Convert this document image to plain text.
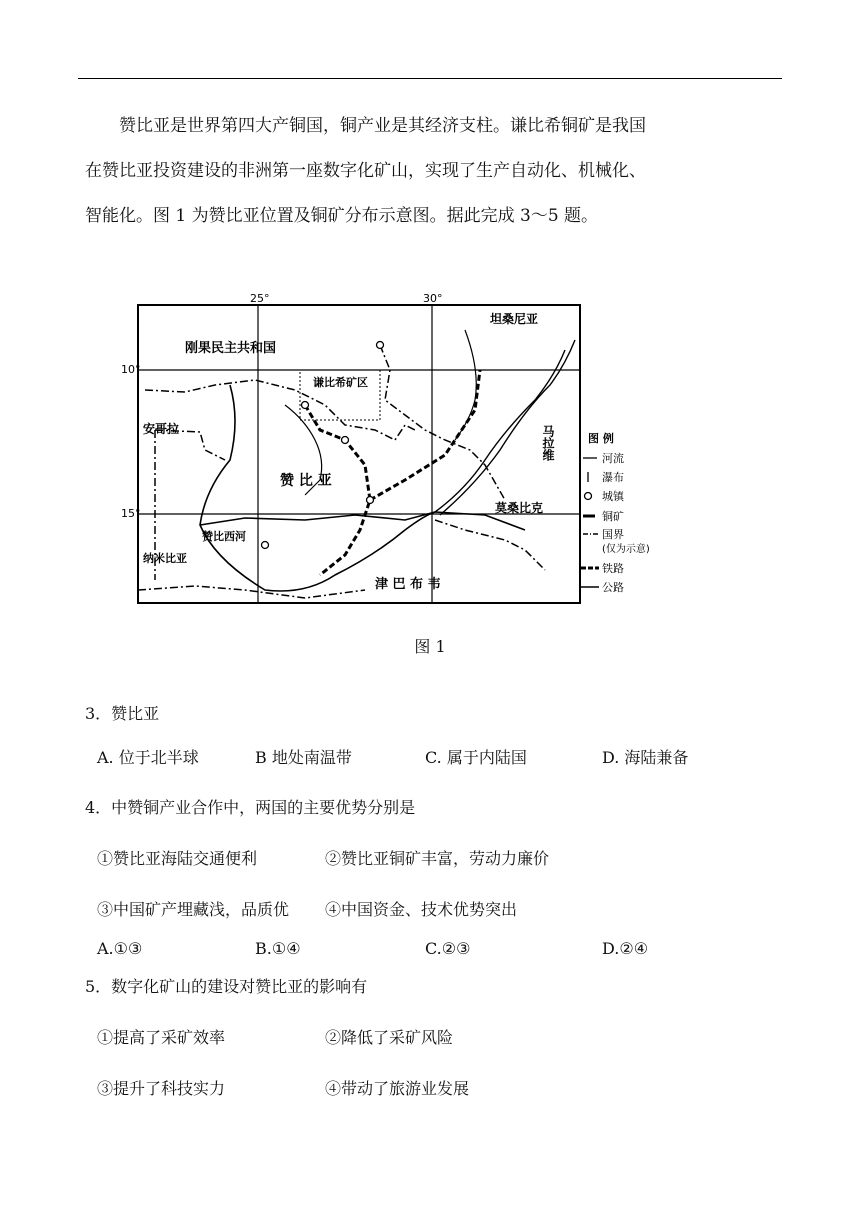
赞比亚是世界第四大产铜国，铜产业是其经济支柱。谦比希铜矿是我国
在赞比亚投资建设的非洲第一座数字化矿山，实现了生产自动化、机械化、
智能化。图 1 为赞比亚位置及铜矿分布示意图。据此完成 3～5 题。
25°	30°
10°
15°
刚果民主共和国
坦桑尼亚
安哥拉
赞 比 亚
马拉维
莫桑比克
津 巴 布 韦
纳米比亚
赞比西河
谦比希矿区
图 例
河流
瀑布
城镇
铜矿
国界
(仅为示意)
铁路
公路
图 1
3．赞比亚
A. 位于北半球	B 地处南温带	C. 属于内陆国	D. 海陆兼备
4．中赞铜产业合作中，两国的主要优势分别是
①赞比亚海陆交通便利	②赞比亚铜矿丰富，劳动力廉价
③中国矿产埋藏浅，品质优 ④中国资金、技术优势突出
A.①③	B.①④	C.②③	D.②④
5．数字化矿山的建设对赞比亚的影响有
①提高了采矿效率	②降低了采矿风险
③提升了科技实力	④带动了旅游业发展
